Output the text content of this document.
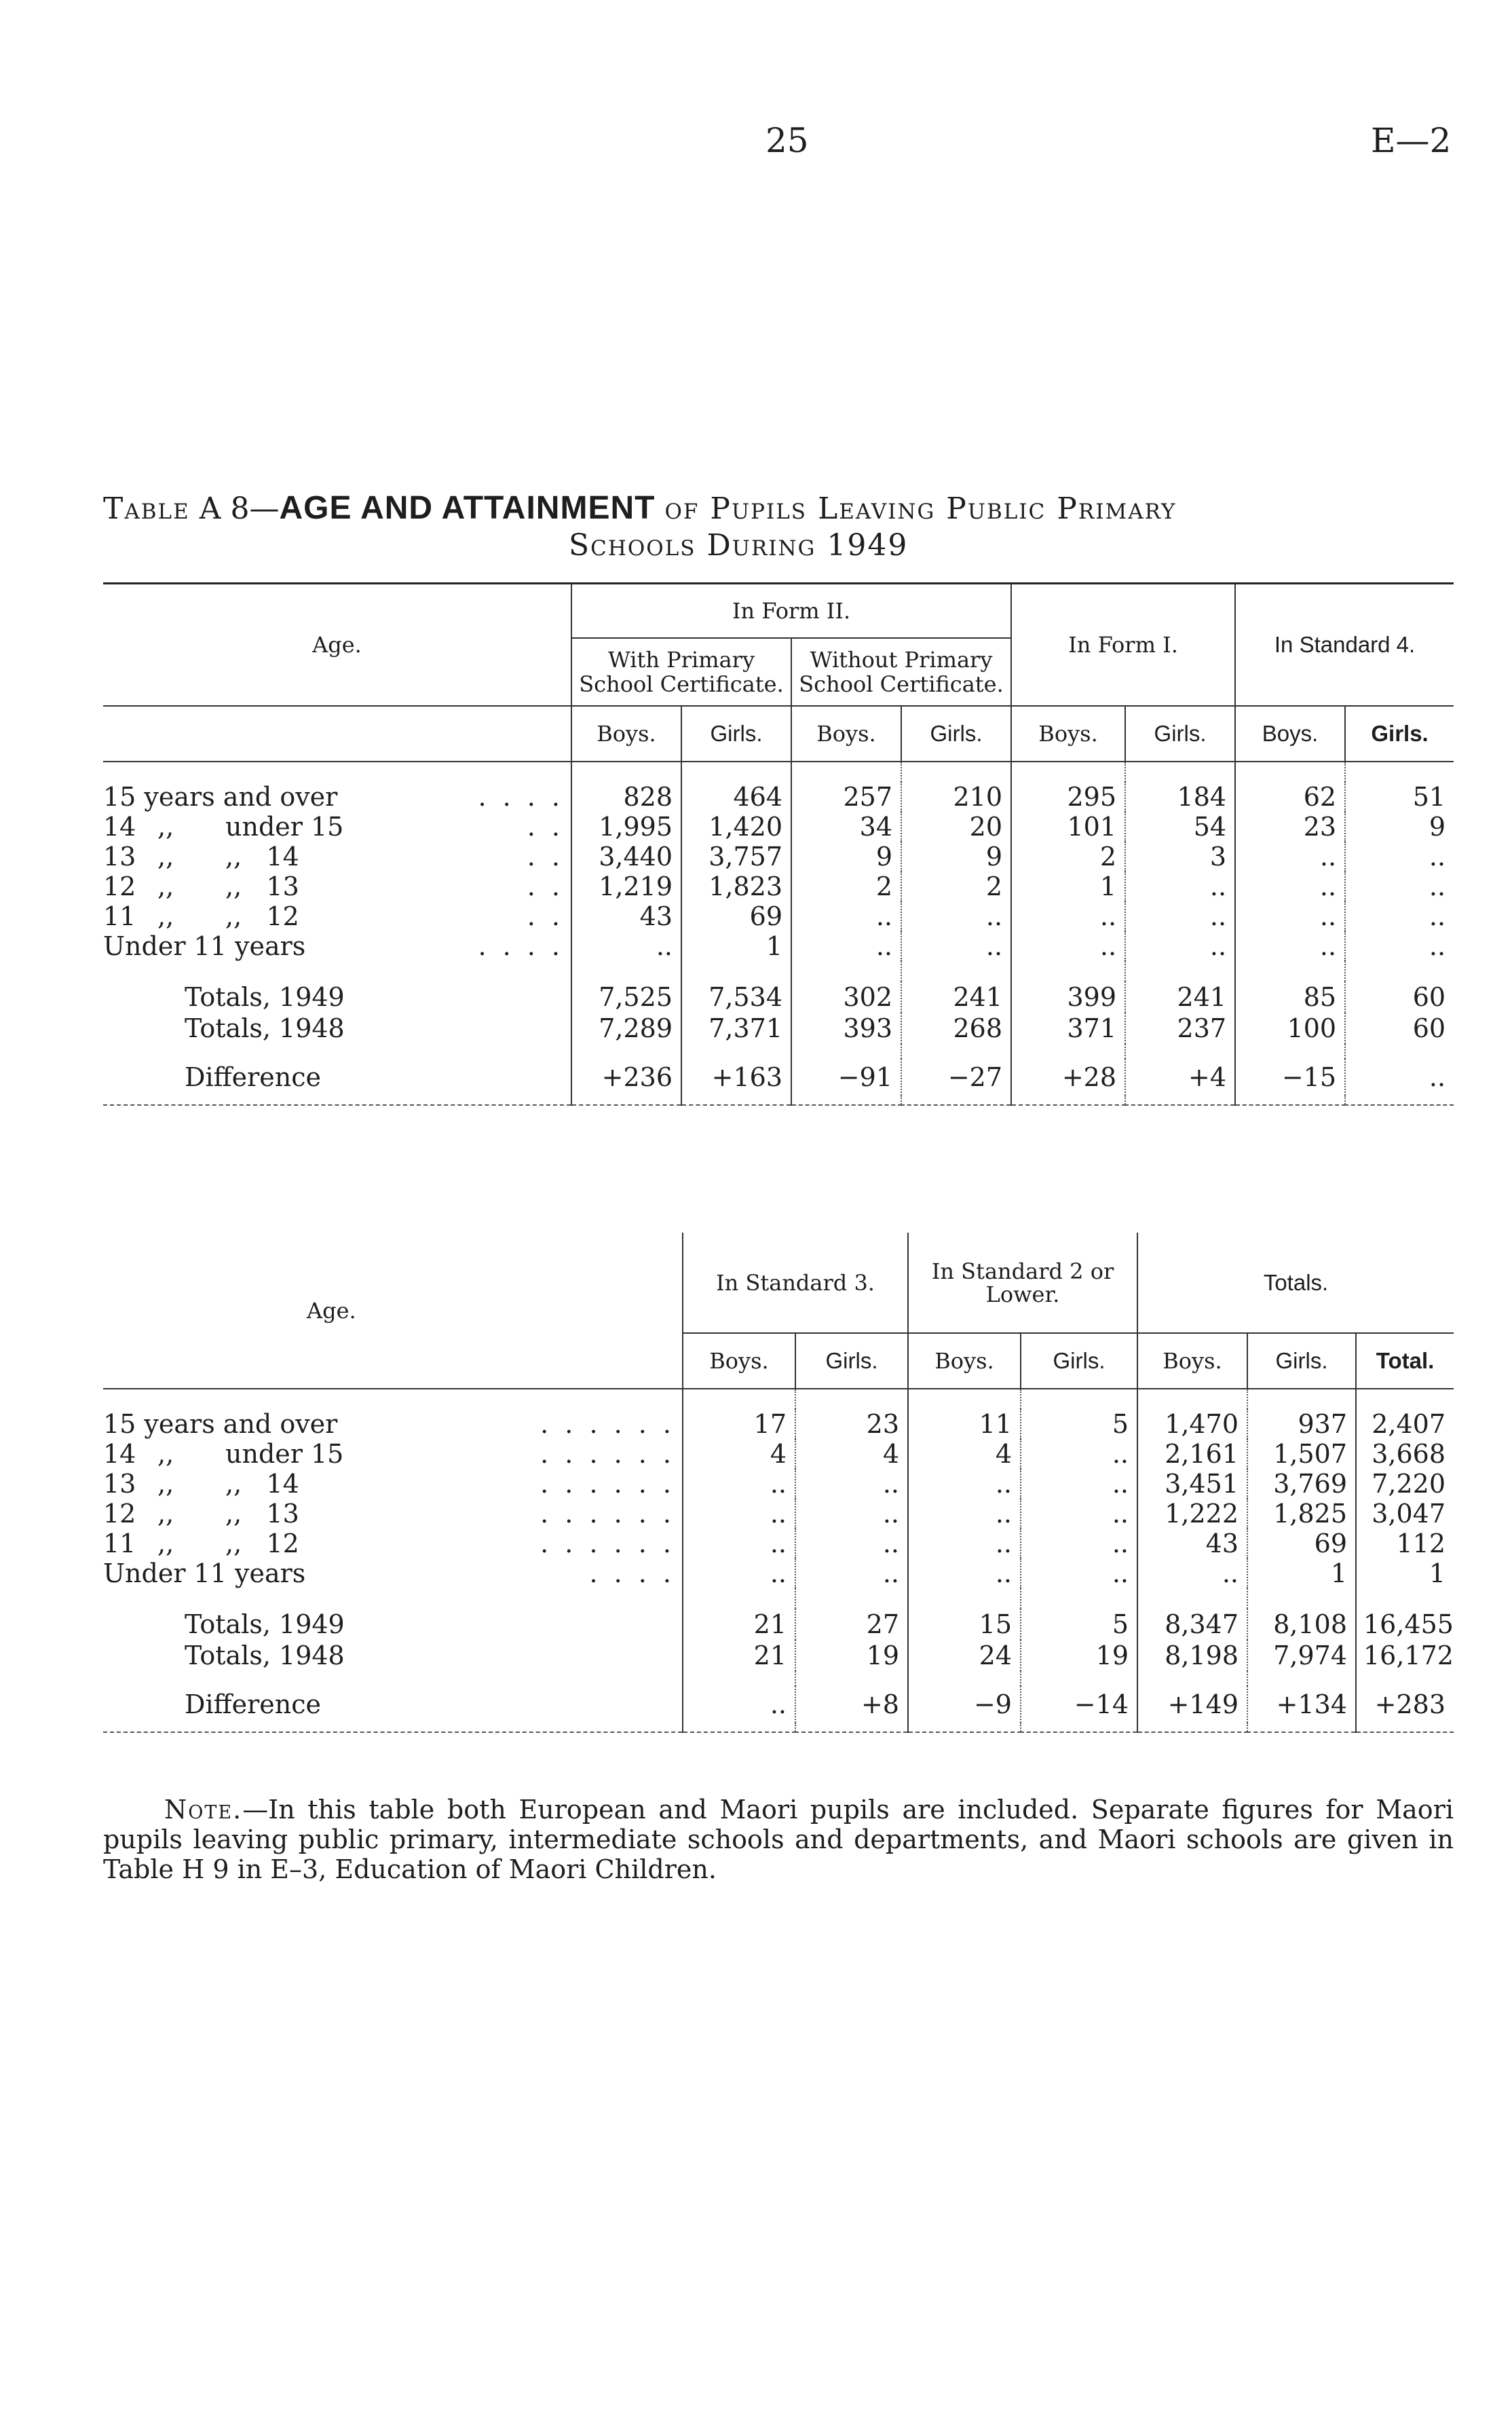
25	E—2
Table A 8—AGE AND ATTAINMENT of Pupils Leaving Public Primary
Schools During 1949
Age.	In Form II.				In Form I.		In Standard 4.	
	With Primary School Certificate.		Without Primary School Certificate.					
	Boys.	Girls.	Boys.	Girls.	Boys.	Girls.	Boys.	Girls.

15 years and over . . . .	828	464	257	210	295	184	62	51
14 ,, under 15 . .	1,995	1,420	34	20	101	54	23	9
13 ,, ,,   14 . .	3,440	3,757	9	9	2	3	..	..
12 ,, ,,   13 . .	1,219	1,823	2	2	1	..	..	..
11 ,, ,,   12 . .	43	69	..	..	..	..	..	..
Under 11 years . . . .	..	1	..	..	..	..	..	..

Totals, 1949	7,525	7,534	302	241	399	241	85	60
Totals, 1948	7,289	7,371	393	268	371	237	100	60

Difference	+236	+163	−91	−27	+28	+4	−15	..

Age.	In Standard 3.		In Standard 2 or Lower.		Totals.		
	Boys.	Girls.	Boys.	Girls.	Boys.	Girls.	Total.

15 years and over . . . . . .	17	23	11	5	1,470	937	2,407
14 ,, under 15 . . . . . .	4	4	4	..	2,161	1,507	3,668
13 ,, ,,   14 . . . . . .	..	..	..	..	3,451	3,769	7,220
12 ,, ,,   13 . . . . . .	..	..	..	..	1,222	1,825	3,047
11 ,, ,,   12 . . . . . .	..	..	..	..	43	69	112
Under 11 years . . . .	..	..	..	..	..	1	1

Totals, 1949	21	27	15	5	8,347	8,108	16,455
Totals, 1948	21	19	24	19	8,198	7,974	16,172

Difference	..	+8	−9	−14	+149	+134	+283

Note.—In this table both European and Maori pupils are included. Separate figures for Maori pupils leaving public primary, intermediate schools and departments, and Maori schools are given in Table H 9 in E–3, Education of Maori Children.
